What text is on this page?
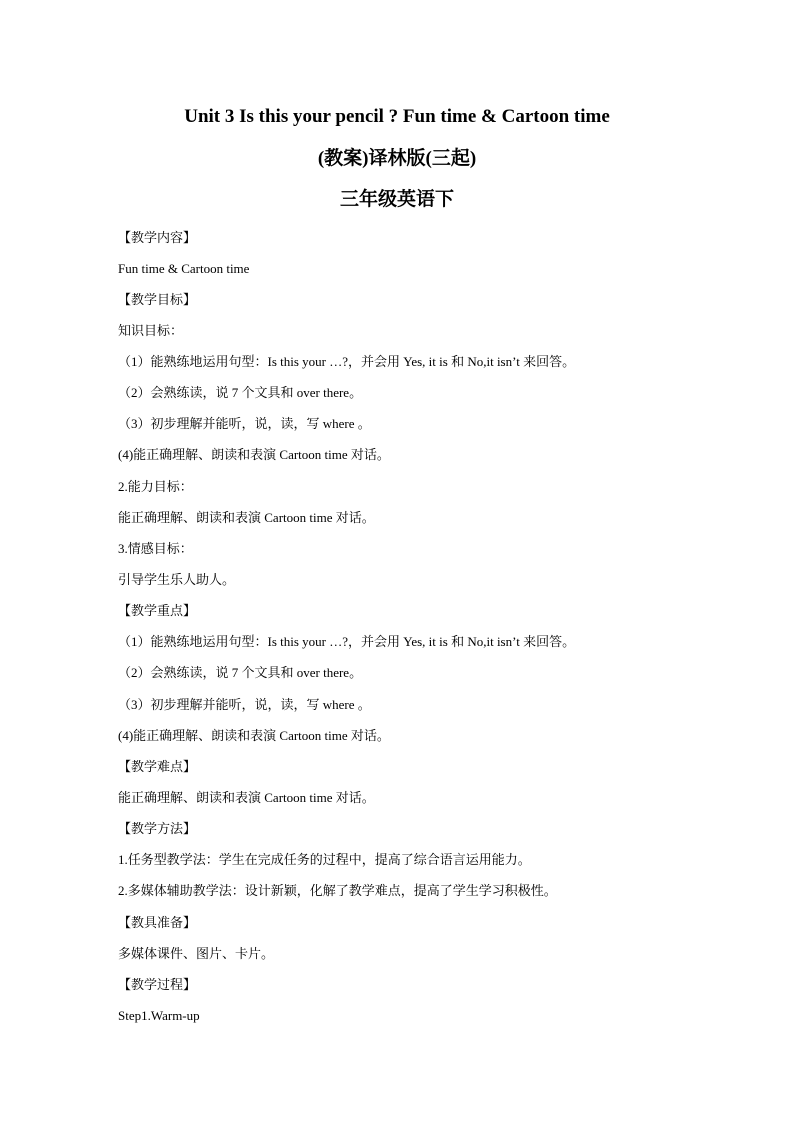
Unit 3 Is this your pencil ? Fun time & Cartoon time
(教案)译林版(三起)
三年级英语下
【教学内容】
Fun time & Cartoon time
【教学目标】
知识目标：
（1）能熟练地运用句型：Is this your …?，并会用 Yes, it is 和 No,it isn’t 来回答。
（2）会熟练读，说 7 个文具和 over there。
（3）初步理解并能听，说，读，写 where 。
(4)能正确理解、朗读和表演 Cartoon time 对话。
2.能力目标：
能正确理解、朗读和表演 Cartoon time 对话。
3.情感目标：
引导学生乐人助人。
【教学重点】
（1）能熟练地运用句型：Is this your …?，并会用 Yes, it is 和 No,it isn’t 来回答。
（2）会熟练读，说 7 个文具和 over there。
（3）初步理解并能听，说，读，写 where 。
(4)能正确理解、朗读和表演 Cartoon time 对话。
【教学难点】
能正确理解、朗读和表演 Cartoon time 对话。
【教学方法】
1.任务型教学法：学生在完成任务的过程中，提高了综合语言运用能力。
2.多媒体辅助教学法：设计新颖，化解了教学难点，提高了学生学习积极性。
【教具准备】
多媒体课件、图片、卡片。
【教学过程】
Step1.Warm-up
